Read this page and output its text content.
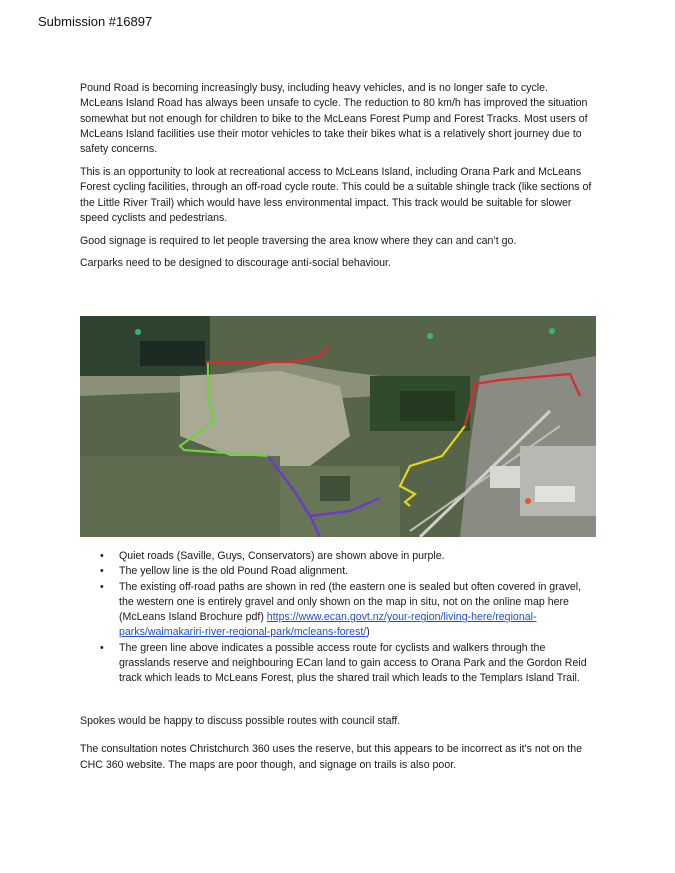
Submission #16897

Pound Road is becoming increasingly busy, including heavy vehicles, and is no longer safe to cycle. McLeans Island Road has always been unsafe to cycle. The reduction to 80 km/h has improved the situation somewhat but not enough for children to bike to the McLeans Forest Pump and Forest Tracks. Most users of McLeans Island facilities use their motor vehicles to take their bikes what is a relatively short journey due to safety concerns.

This is an opportunity to look at recreational access to McLeans Island, including Orana Park and McLeans Forest cycling facilities, through an off-road cycle route. This could be a suitable shingle track (like sections of the Little River Trail) which would have less environmental impact. This track would be suitable for slower speed cyclists and pedestrians.

Good signage is required to let people traversing the area know where they can and can’t go.

Carparks need to be designed to discourage anti-social behaviour.

• Quiet roads (Saville, Guys, Conservators) are shown above in purple.
• The yellow line is the old Pound Road alignment.
• The existing off-road paths are shown in red (the eastern one is sealed but often covered in gravel, the western one is entirely gravel and only shown on the map in situ, not on the online map here (McLeans Island Brochure pdf) https://www.ecan.govt.nz/your-region/living-here/regional-parks/waimakariri-river-regional-park/mcleans-forest/)
• The green line above indicates a possible access route for cyclists and walkers through the grasslands reserve and neighbouring ECan land to gain access to Orana Park and the Gordon Reid track which leads to McLeans Forest, plus the shared trail which leads to the Templars Island Trail.

Spokes would be happy to discuss possible routes with council staff.

The consultation notes Christchurch 360 uses the reserve, but this appears to be incorrect as it's not on the CHC 360 website. The maps are poor though, and signage on trails is also poor.
